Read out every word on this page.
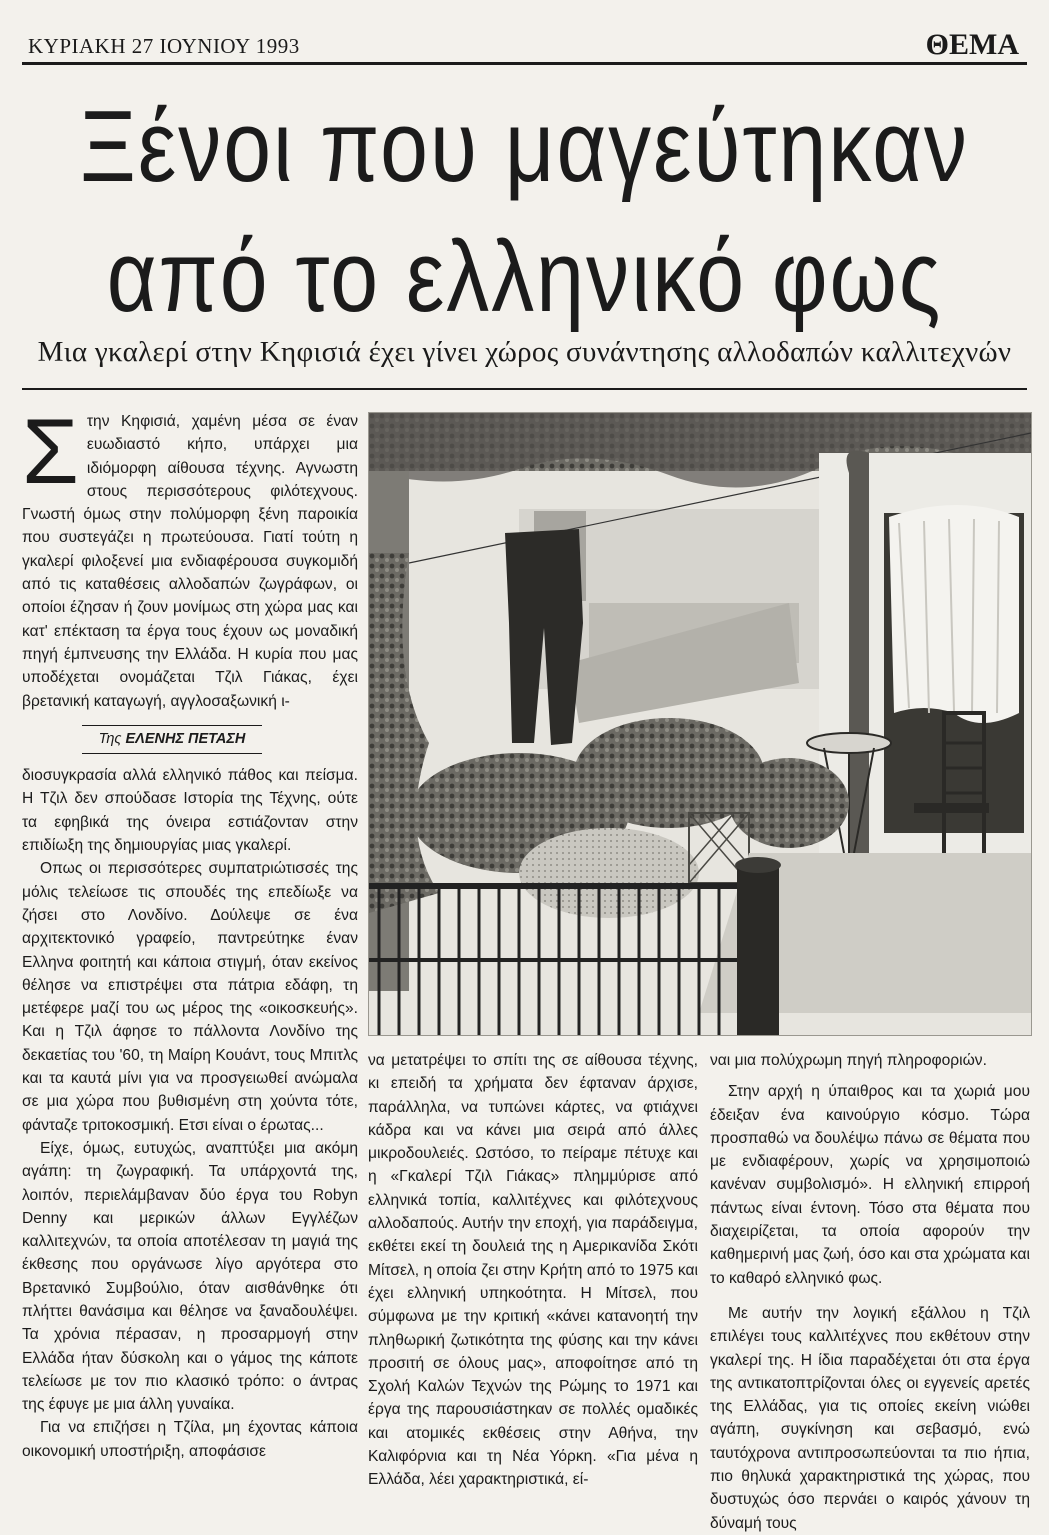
ΚΥΡΙΑΚΗ 27 ΙΟΥΝΙΟΥ 1993	ΘΕΜΑ
Ξένοι που μαγεύτηκαν
από το ελληνικό φως
Μια γκαλερί στην Κηφισιά έχει γίνει χώρος συνάντησης αλλοδαπών καλλιτεχνών

Στην Κηφισιά, χαμένη μέσα σε έναν ευωδιαστό κήπο, υπάρχει μια ιδιόμορφη αίθουσα τέχνης. Αγνωστη στους περισσότερους φιλότεχνους. Γνωστή όμως στην πολύμορφη ξένη παροικία που συστεγάζει η πρωτεύουσα. Γιατί τούτη η γκαλερί φιλοξενεί μια ενδιαφέρουσα συγκομιδή από τις καταθέσεις αλλοδαπών ζωγράφων, οι οποίοι έζησαν ή ζουν μονίμως στη χώρα μας και κατ' επέκταση τα έργα τους έχουν ως μοναδική πηγή έμπνευσης την Ελλάδα. Η κυρία που μας υποδέχεται ονομάζεται Τζιλ Γιάκας, έχει βρετανική καταγωγή, αγγλοσαξωνική ι-

Της ΕΛΕΝΗΣ ΠΕΤΑΣΗ

διοσυγκρασία αλλά ελληνικό πάθος και πείσμα. Η Τζιλ δεν σπούδασε Ιστορία της Τέχνης, ούτε τα εφηβικά της όνειρα εστιάζονταν στην επιδίωξη της δημιουργίας μιας γκαλερί.

Οπως οι περισσότερες συμπατριώτισσές της μόλις τελείωσε τις σπουδές της επεδίωξε να ζήσει στο Λονδίνο. Δούλεψε σε ένα αρχιτεκτονικό γραφείο, παντρεύτηκε έναν Ελληνα φοιτητή και κάποια στιγμή, όταν εκείνος θέλησε να επιστρέψει στα πάτρια εδάφη, τη μετέφερε μαζί του ως μέρος της «οικοσκευής». Και η Τζιλ άφησε το πάλλοντα Λονδίνο της δεκαετίας του '60, τη Μαίρη Κουάντ, τους Μπιτλς και τα καυτά μίνι για να προσγειωθεί ανώμαλα σε μια χώρα που βυθισμένη στη χούντα τότε, φάνταζε τριτοκοσμική. Ετσι είναι ο έρωτας...

Είχε, όμως, ευτυχώς, αναπτύξει μια ακόμη αγάπη: τη ζωγραφική. Τα υπάρχοντά της, λοιπόν, περιελάμβαναν δύο έργα του Robyn Denny και μερικών άλλων Εγγλέζων καλλιτεχνών, τα οποία αποτέλεσαν τη μαγιά της έκθεσης που οργάνωσε λίγο αργότερα στο Βρετανικό Συμβούλιο, όταν αισθάνθηκε ότι πλήττει θανάσιμα και θέλησε να ξαναδουλέψει. Τα χρόνια πέρασαν, η προσαρμογή στην Ελλάδα ήταν δύσκολη και ο γάμος της κάποτε τελείωσε με τον πιο κλασικό τρόπο: ο άντρας της έφυγε με μια άλλη γυναίκα.

Για να επιζήσει η Τζίλα, μη έχοντας κάποια οικονομική υποστήριξη, αποφάσισε

να μετατρέψει το σπίτι της σε αίθουσα τέχνης, κι επειδή τα χρήματα δεν έφταναν άρχισε, παράλληλα, να τυπώνει κάρτες, να φτιάχνει κάδρα και να κάνει μια σειρά από άλλες μικροδουλειές. Ωστόσο, το πείραμε πέτυχε και η «Γκαλερί Τζιλ Γιάκας» πλημμύρισε από ελληνικά τοπία, καλλιτέχνες και φιλότεχνους αλλοδαπούς. Αυτήν την εποχή, για παράδειγμα, εκθέτει εκεί τη δουλειά της η Αμερικανίδα Σκότι Μίτσελ, η οποία ζει στην Κρήτη από το 1975 και έχει ελληνική υπηκοότητα. Η Μίτσελ, που σύμφωνα με την κριτική «κάνει κατανοητή την πληθωρική ζωτικότητα της φύσης και την κάνει προσιτή σε όλους μας», αποφοίτησε από τη Σχολή Καλών Τεχνών της Ρώμης το 1971 και έργα της παρουσιάστηκαν σε πολλές ομαδικές και ατομικές εκθέσεις στην Αθήνα, την Καλιφόρνια και τη Νέα Υόρκη. «Για μένα η Ελλάδα, λέει χαρακτηριστικά, εί-

ναι μια πολύχρωμη πηγή πληροφοριών.

Στην αρχή η ύπαιθρος και τα χωριά μου έδειξαν ένα καινούργιο κόσμο. Τώρα προσπαθώ να δουλέψω πάνω σε θέματα που με ενδιαφέρουν, χωρίς να χρησιμοποιώ κανέναν συμβολισμό». Η ελληνική επιρροή πάντως είναι έντονη. Τόσο στα θέματα που διαχειρίζεται, τα οποία αφορούν την καθημερινή μας ζωή, όσο και στα χρώματα και το καθαρό ελληνικό φως.

Με αυτήν την λογική εξάλλου η Τζιλ επιλέγει τους καλλιτέχνες που εκθέτουν στην γκαλερί της. Η ίδια παραδέχεται ότι στα έργα της αντικατοπτρίζονται όλες οι εγγενείς αρετές της Ελλάδας, για τις οποίες εκείνη νιώθει αγάπη, συγκίνηση και σεβασμό, ενώ ταυτόχρονα αντιπροσωπεύονται τα πιο ήπια, πιο θηλυκά χαρακτηριστικά της χώρας, που δυστυχώς όσο περνάει ο καιρός χάνουν τη δύναμή τους
